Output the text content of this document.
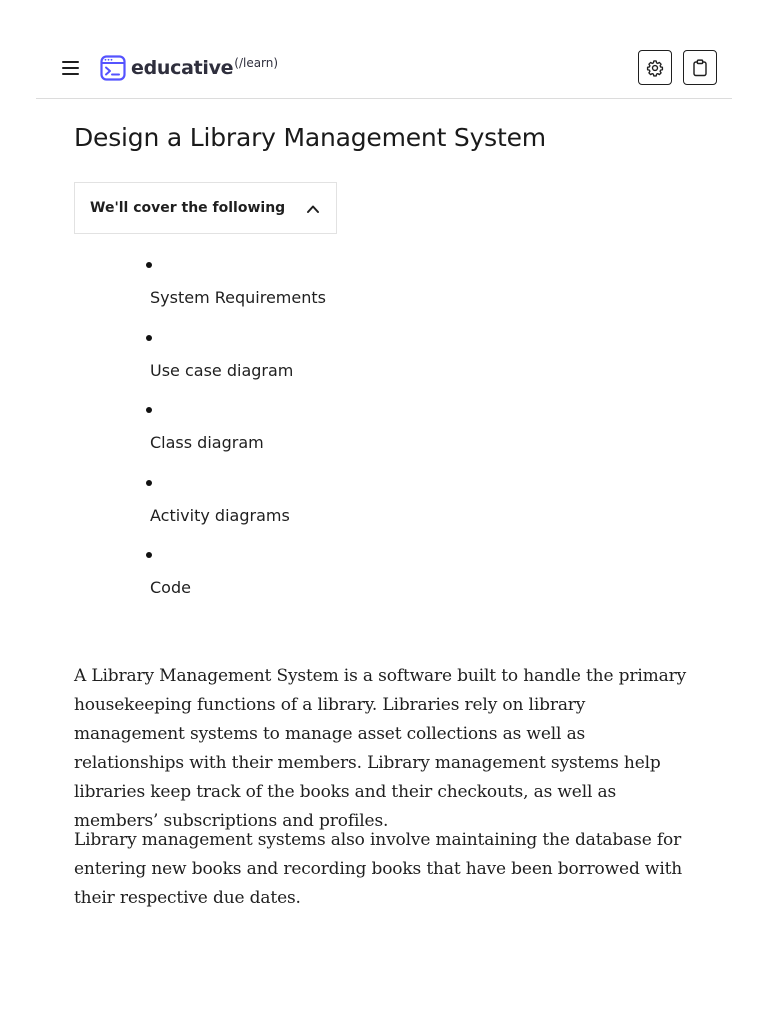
educative (/learn)
Design a Library Management System
We'll cover the following
System Requirements
Use case diagram
Class diagram
Activity diagrams
Code

A Library Management System is a software built to handle the primary housekeeping functions of a library. Libraries rely on library management systems to manage asset collections as well as relationships with their members. Library management systems help libraries keep track of the books and their checkouts, as well as members’ subscriptions and profiles.

Library management systems also involve maintaining the database for entering new books and recording books that have been borrowed with their respective due dates.
